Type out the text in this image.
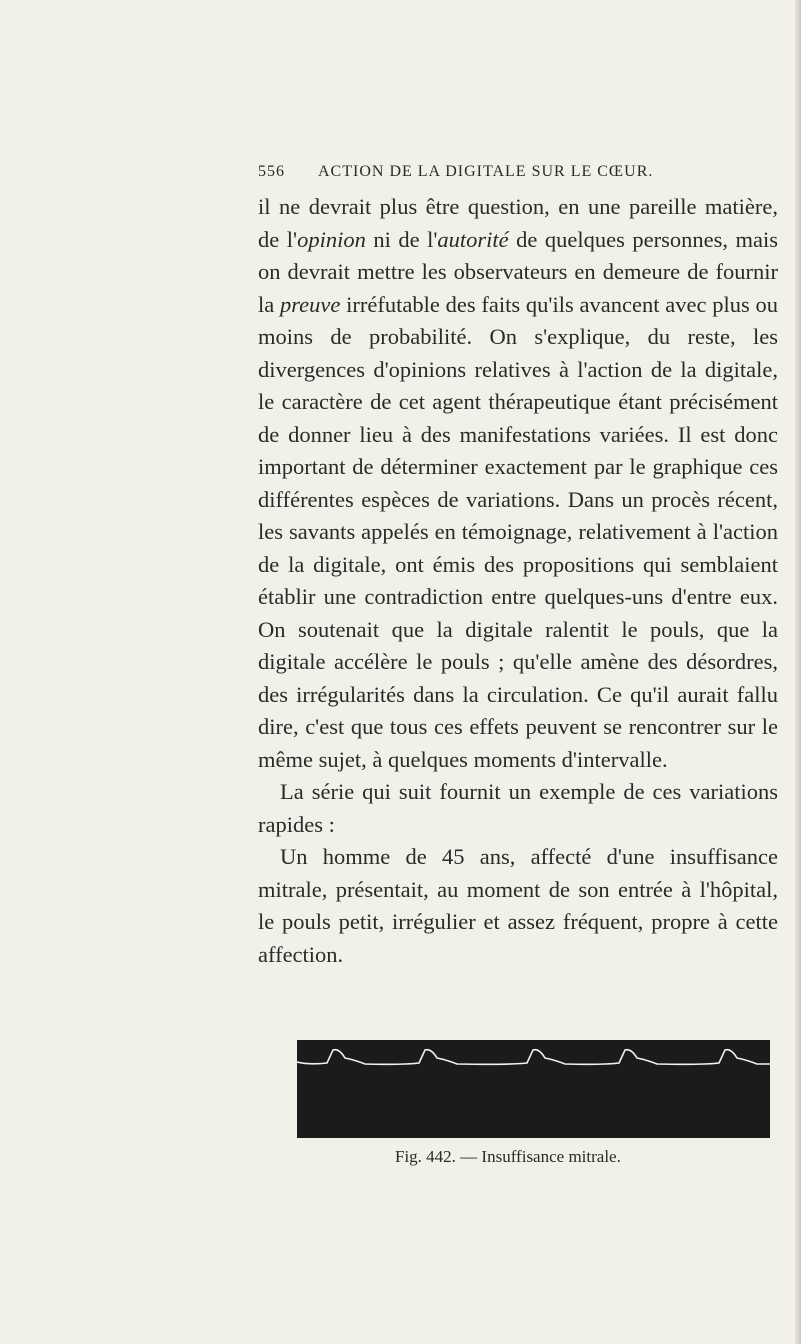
556 ACTION DE LA DIGITALE SUR LE CŒUR.

il ne devrait plus être question, en une pareille matière, de l'opinion ni de l'autorité de quelques personnes, mais on devrait mettre les observateurs en demeure de fournir la preuve irréfutable des faits qu'ils avancent avec plus ou moins de probabilité. On s'explique, du reste, les divergences d'opinions relatives à l'action de la digitale, le caractère de cet agent thérapeutique étant précisément de donner lieu à des manifestations variées. Il est donc important de déterminer exactement par le graphique ces différentes espèces de variations. Dans un procès récent, les savants appelés en témoignage, relativement à l'action de la digitale, ont émis des propositions qui semblaient établir une contradiction entre quelques-uns d'entre eux. On soutenait que la digitale ralentit le pouls, que la digitale accélère le pouls ; qu'elle amène des désordres, des irrégularités dans la circulation. Ce qu'il aurait fallu dire, c'est que tous ces effets peuvent se rencontrer sur le même sujet, à quelques moments d'intervalle.

La série qui suit fournit un exemple de ces variations rapides :

Un homme de 45 ans, affecté d'une insuffisance mitrale, présentait, au moment de son entrée à l'hôpital, le pouls petit, irrégulier et assez fréquent, propre à cette affection.

Fig. 442. — Insuffisance mitrale.
